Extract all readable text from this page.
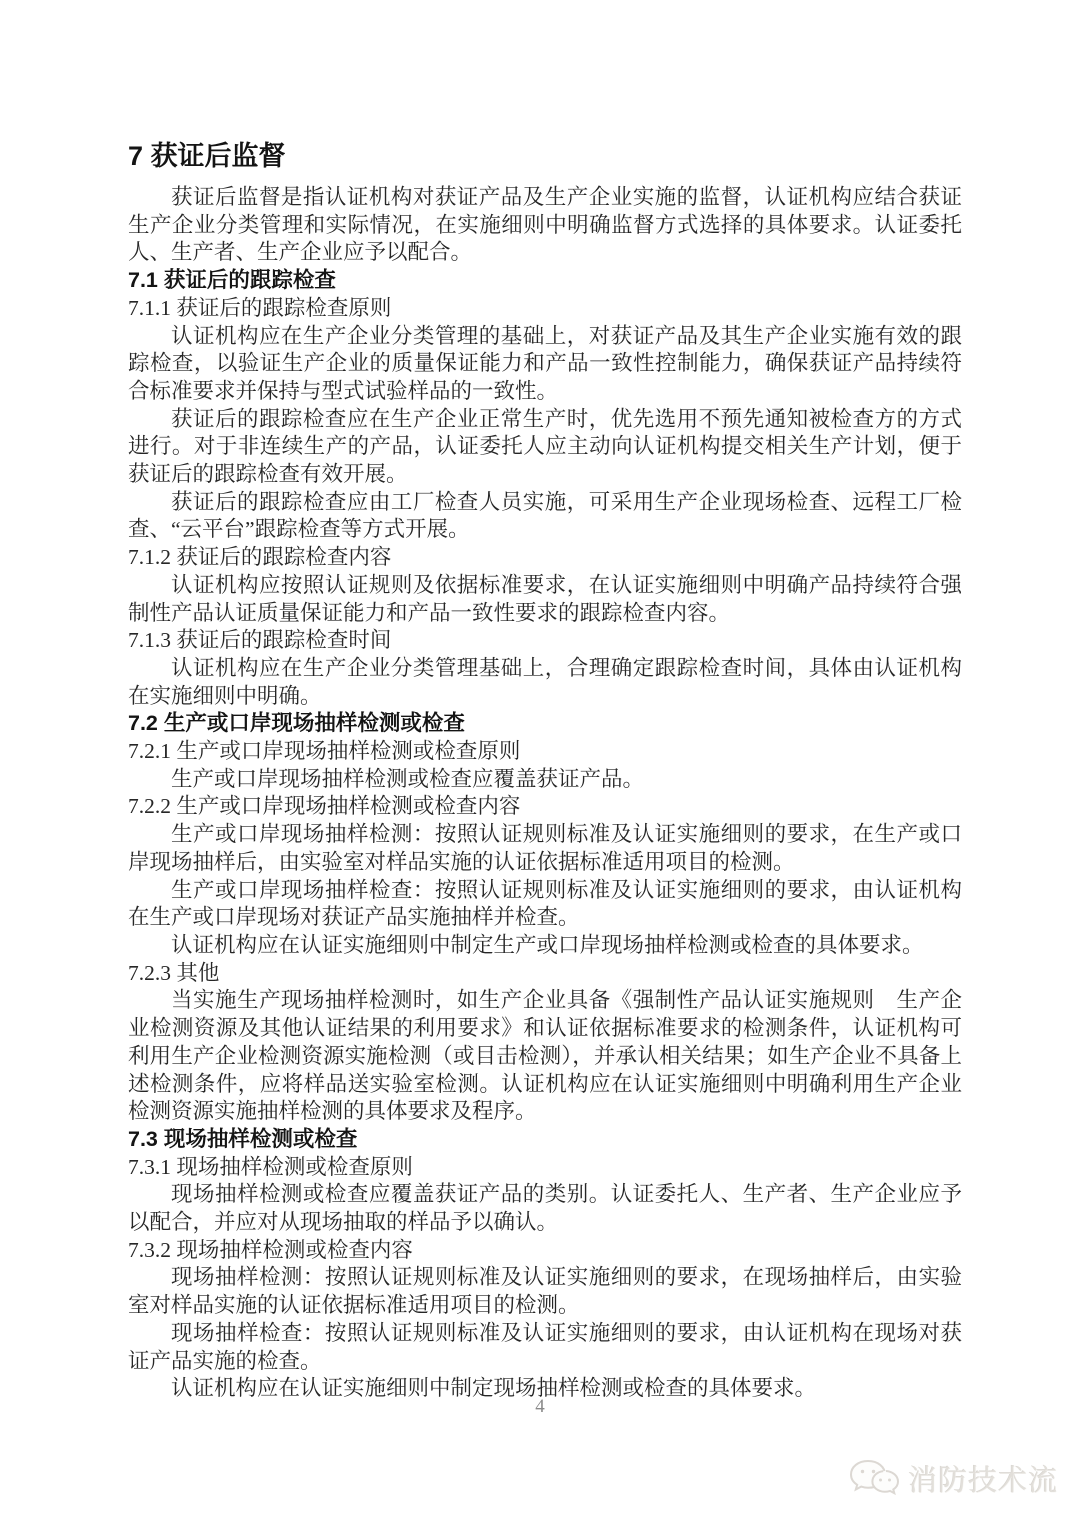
7 获证后监督

获证后监督是指认证机构对获证产品及生产企业实施的监督，认证机构应结合获证生产企业分类管理和实际情况，在实施细则中明确监督方式选择的具体要求。认证委托人、生产者、生产企业应予以配合。

7.1 获证后的跟踪检查
7.1.1 获证后的跟踪检查原则

认证机构应在生产企业分类管理的基础上，对获证产品及其生产企业实施有效的跟踪检查，以验证生产企业的质量保证能力和产品一致性控制能力，确保获证产品持续符合标准要求并保持与型式试验样品的一致性。

获证后的跟踪检查应在生产企业正常生产时，优先选用不预先通知被检查方的方式进行。对于非连续生产的产品，认证委托人应主动向认证机构提交相关生产计划，便于获证后的跟踪检查有效开展。

获证后的跟踪检查应由工厂检查人员实施，可采用生产企业现场检查、远程工厂检查、“云平台”跟踪检查等方式开展。

7.1.2 获证后的跟踪检查内容

认证机构应按照认证规则及依据标准要求，在认证实施细则中明确产品持续符合强制性产品认证质量保证能力和产品一致性要求的跟踪检查内容。

7.1.3 获证后的跟踪检查时间

认证机构应在生产企业分类管理基础上，合理确定跟踪检查时间，具体由认证机构在实施细则中明确。

7.2 生产或口岸现场抽样检测或检查
7.2.1 生产或口岸现场抽样检测或检查原则

生产或口岸现场抽样检测或检查应覆盖获证产品。

7.2.2 生产或口岸现场抽样检测或检查内容

生产或口岸现场抽样检测：按照认证规则标准及认证实施细则的要求，在生产或口岸现场抽样后，由实验室对样品实施的认证依据标准适用项目的检测。

生产或口岸现场抽样检查：按照认证规则标准及认证实施细则的要求，由认证机构在生产或口岸现场对获证产品实施抽样并检查。

认证机构应在认证实施细则中制定生产或口岸现场抽样检测或检查的具体要求。

7.2.3 其他

当实施生产现场抽样检测时，如生产企业具备《强制性产品认证实施规则　生产企业检测资源及其他认证结果的利用要求》和认证依据标准要求的检测条件，认证机构可利用生产企业检测资源实施检测（或目击检测），并承认相关结果；如生产企业不具备上述检测条件，应将样品送实验室检测。认证机构应在认证实施细则中明确利用生产企业检测资源实施抽样检测的具体要求及程序。

7.3 现场抽样检测或检查
7.3.1 现场抽样检测或检查原则

现场抽样检测或检查应覆盖获证产品的类别。认证委托人、生产者、生产企业应予以配合，并应对从现场抽取的样品予以确认。

7.3.2 现场抽样检测或检查内容

现场抽样检测：按照认证规则标准及认证实施细则的要求，在现场抽样后，由实验室对样品实施的认证依据标准适用项目的检测。

现场抽样检查：按照认证规则标准及认证实施细则的要求，由认证机构在现场对获证产品实施的检查。

认证机构应在认证实施细则中制定现场抽样检测或检查的具体要求。

4
消防技术流
